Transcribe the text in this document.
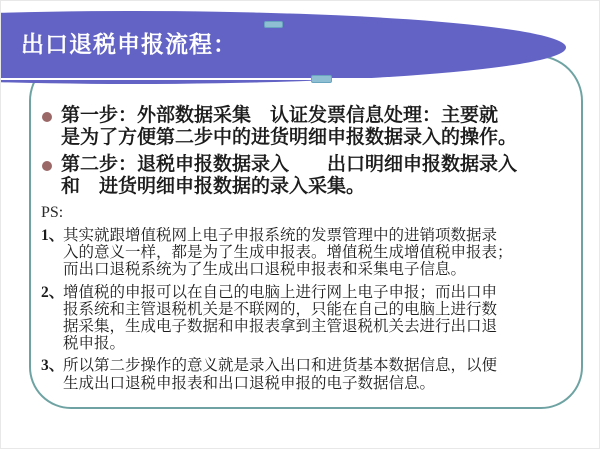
出口退税申报流程：
第一步：外部数据采集　认证发票信息处理：主要就
是为了方便第二步中的进货明细申报数据录入的操作。
第二步：退税申报数据录入　　出口明细申报数据录入
和　进货明细申报数据的录入采集。
PS:
1、
其实就跟增值税网上电子申报系统的发票管理中的进销项数据录
入的意义一样，都是为了生成申报表。增值税生成增值税申报表；
而出口退税系统为了生成出口退税申报表和采集电子信息。
2、
增值税的申报可以在自己的电脑上进行网上电子申报；而出口申
报系统和主管退税机关是不联网的，只能在自己的电脑上进行数
据采集，生成电子数据和申报表拿到主管退税机关去进行出口退
税申报。
3、
所以第二步操作的意义就是录入出口和进货基本数据信息，以便
生成出口退税申报表和出口退税申报的电子数据信息。
